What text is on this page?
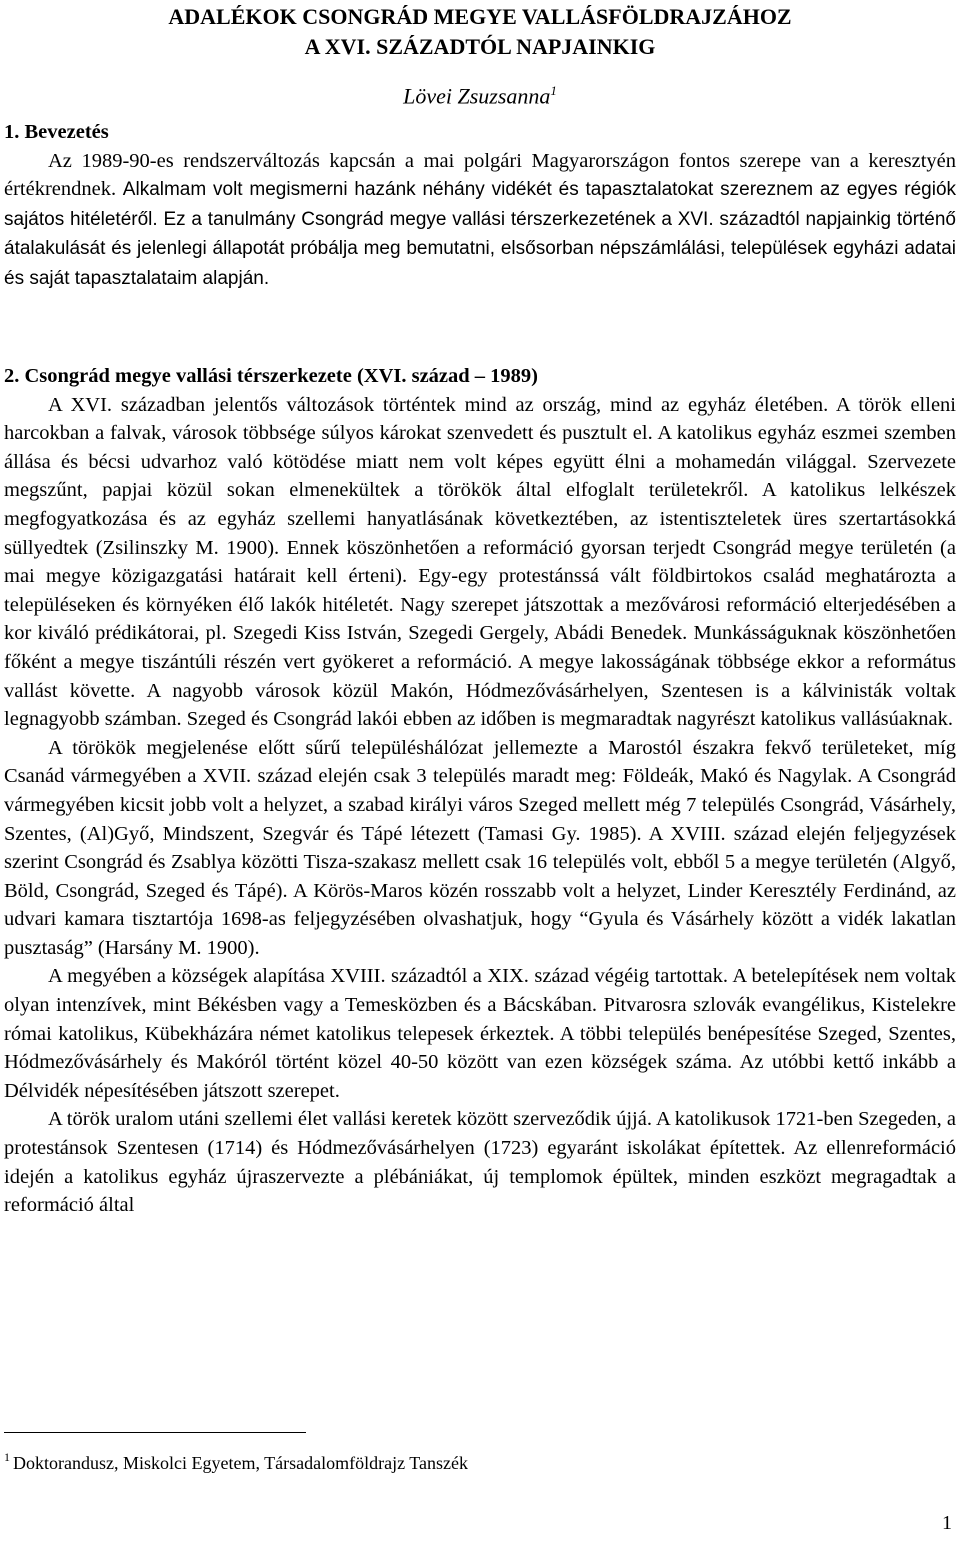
ADALÉKOK CSONGRÁD MEGYE VALLÁSFÖLDRAJZÁHOZ

A XVI. SZÁZADTÓL NAPJAINKIG

Lövei Zsuzsanna$^1$

1. Bevezetés

Az 1989-90-es rendszerváltozás kapcsán a mai polgári Magyarországon fontos szerepe van a keresztyén értékrendnek. Alkalmam volt megismerni hazánk néhány vidékét és tapasztalatokat szereznem az egyes régiók sajátos hitéletéről. Ez a tanulmány Csongrád megye vallási térszerkezetének a XVI. századtól napjainkig történő átalakulását és jelenlegi állapotát próbálja meg bemutatni, elsősorban népszámlálási, települések egyházi adatai és saját tapasztalataim alapján.

2. Csongrád megye vallási térszerkezete (XVI. század – 1989)

A XVI. században jelentős változások történtek mind az ország, mind az egyház életében. A török elleni harcokban a falvak, városok többsége súlyos károkat szenvedett és pusztult el. A katolikus egyház eszmei szemben állása és bécsi udvarhoz való kötödése miatt nem volt képes együtt élni a mohamedán világgal. Szervezete megszűnt, papjai közül sokan elmenekültek a törökök által elfoglalt területekről. A katolikus lelkészek megfogyatkozása és az egyház szellemi hanyatlásának következtében, az istentiszteletek üres szertartásokká süllyedtek (Zsilinszky M. 1900). Ennek köszönhetően a reformáció gyorsan terjedt Csongrád megye területén (a mai megye közigazgatási határait kell érteni). Egy-egy protestánssá vált földbirtokos család meghatározta a településeken és környéken élő lakók hitéletét. Nagy szerepet játszottak a mezővárosi reformáció elterjedésében a kor kiváló prédikátorai, pl. Szegedi Kiss István, Szegedi Gergely, Abádi Benedek. Munkásságuknak köszönhetően főként a megye tiszántúli részén vert gyökeret a reformáció. A megye lakosságának többsége ekkor a református vallást követte. A nagyobb városok közül Makón, Hódmezővásárhelyen, Szentesen is a kálvinisták voltak legnagyobb számban. Szeged és Csongrád lakói ebben az időben is megmaradtak nagyrészt katolikus vallásúaknak.

A törökök megjelenése előtt sűrű településhálózat jellemezte a Marostól északra fekvő területeket, míg Csanád vármegyében a XVII. század elején csak 3 település maradt meg: Földeák, Makó és Nagylak. A Csongrád vármegyében kicsit jobb volt a helyzet, a szabad királyi város Szeged mellett még 7 település Csongrád, Vásárhely, Szentes, (Al)Győ, Mindszent, Szegvár és Tápé létezett (Tamasi Gy. 1985). A XVIII. század elején feljegyzések szerint Csongrád és Zsablya közötti Tisza-szakasz mellett csak 16 település volt, ebből 5 a megye területén (Algyő, Böld, Csongrád, Szeged és Tápé). A Körös-Maros közén rosszabb volt a helyzet, Linder Keresztély Ferdinánd, az udvari kamara tisztartója 1698-as feljegyzésében olvashatjuk, hogy “Gyula és Vásárhely között a vidék lakatlan pusztaság” (Harsány M. 1900).

A megyében a községek alapítása XVIII. századtól a XIX. század végéig tartottak. A betelepítések nem voltak olyan intenzívek, mint Békésben vagy a Temesközben és a Bácskában. Pitvarosra szlovák evangélikus, Kistelekre római katolikus, Kübekházára német katolikus telepesek érkeztek. A többi település benépesítése Szeged, Szentes, Hódmezővásárhely és Makóról történt közel 40-50 között van ezen községek száma. Az utóbbi kettő inkább a Délvidék népesítésében játszott szerepet.

A török uralom utáni szellemi élet vallási keretek között szerveződik újjá. A katolikusok 1721-ben Szegeden, a protestánsok Szentesen (1714) és Hódmezővásárhelyen (1723) egyaránt iskolákat építettek. Az ellenreformáció idején a katolikus egyház újraszervezte a plébániákat, új templomok épültek, minden eszközt megragadtak a reformáció által

$^1$ Doktorandusz, Miskolci Egyetem, Társadalomföldrajz Tanszék
1
